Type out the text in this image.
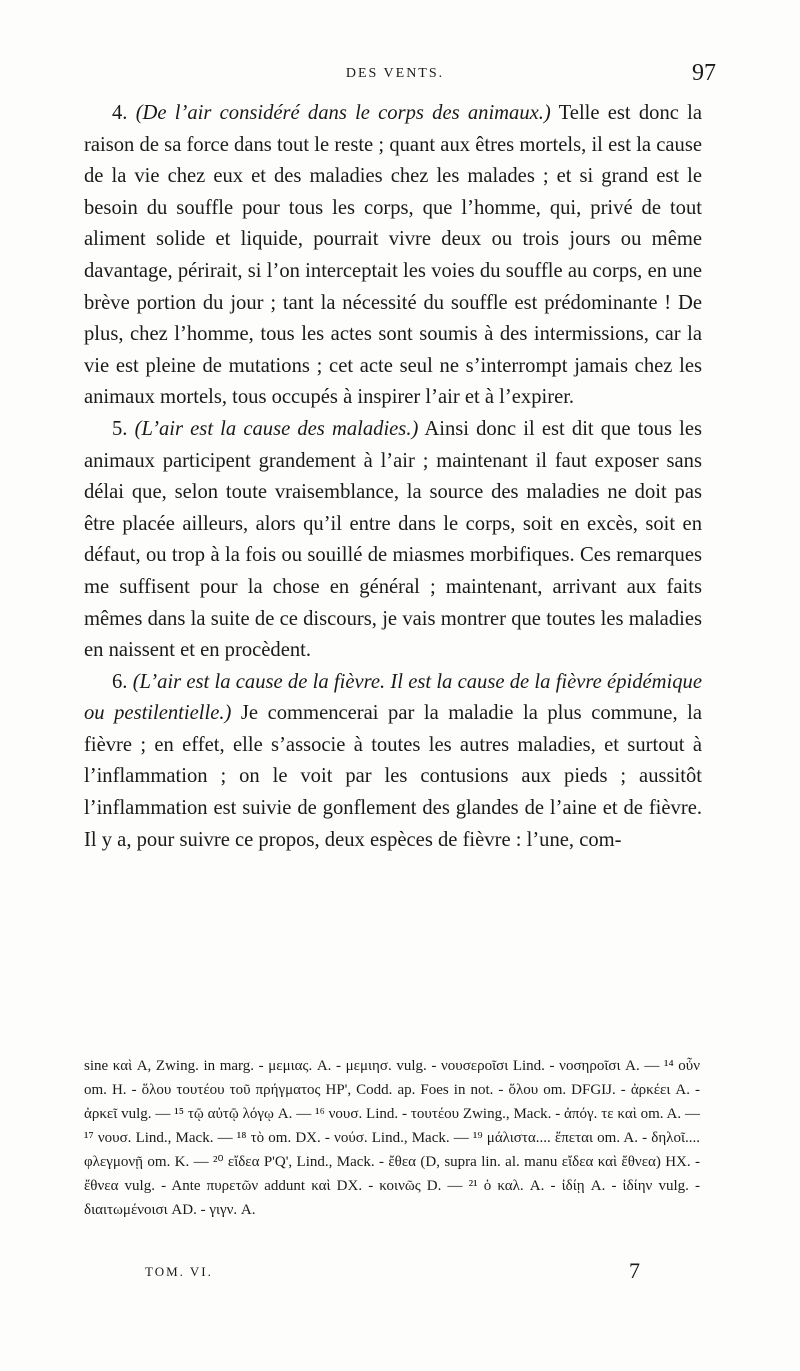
DES VENTS.	97

4. (De l’air considéré dans le corps des animaux.) Telle est donc la raison de sa force dans tout le reste ; quant aux êtres mortels, il est la cause de la vie chez eux et des maladies chez les malades ; et si grand est le besoin du souffle pour tous les corps, que l’homme, qui, privé de tout aliment solide et liquide, pourrait vivre deux ou trois jours ou même davantage, périrait, si l’on interceptait les voies du souffle au corps, en une brève portion du jour ; tant la nécessité du souffle est prédominante ! De plus, chez l’homme, tous les actes sont soumis à des intermissions, car la vie est pleine de mutations ; cet acte seul ne s’interrompt jamais chez les animaux mortels, tous occupés à inspirer l’air et à l’expirer.

5. (L’air est la cause des maladies.) Ainsi donc il est dit que tous les animaux participent grandement à l’air ; maintenant il faut exposer sans délai que, selon toute vraisemblance, la source des maladies ne doit pas être placée ailleurs, alors qu’il entre dans le corps, soit en excès, soit en défaut, ou trop à la fois ou souillé de miasmes morbifiques. Ces remarques me suffisent pour la chose en général ; maintenant, arrivant aux faits mêmes dans la suite de ce discours, je vais montrer que toutes les maladies en naissent et en procèdent.

6. (L’air est la cause de la fièvre. Il est la cause de la fièvre épidémique ou pestilentielle.) Je commencerai par la maladie la plus commune, la fièvre ; en effet, elle s’associe à toutes les autres maladies, et surtout à l’inflammation ; on le voit par les contusions aux pieds ; aussitôt l’inflammation est suivie de gonflement des glandes de l’aine et de fièvre. Il y a, pour suivre ce propos, deux espèces de fièvre : l’une, com-

sine καὶ A, Zwing. in marg. - μεμιας. A. - μεμιησ. vulg. - νουσεροῖσι Lind. - νοσηροῖσι A. — ¹⁴ οὖν om. H. - ὅλου τουτέου τοῦ πρήγματος HP', Codd. ap. Foes in not. - ὅλου om. DFGIJ. - ἀρκέει A. - ἀρκεῖ vulg. — ¹⁵ τῷ αὐτῷ λόγῳ A. — ¹⁶ νουσ. Lind. - τουτέου Zwing., Mack. - ἀπόγ. τε καὶ om. A. — ¹⁷ νουσ. Lind., Mack. — ¹⁸ τὸ om. DX. - νούσ. Lind., Mack. — ¹⁹ μάλιστα.... ἕπεται om. A. - δηλοῖ.... φλεγμονῇ om. K. — ²⁰ εἴδεα P'Q', Lind., Mack. - ἔθεα (D, supra lin. al. manu εἴδεα καὶ ἔθνεα) HX. - ἔθνεα vulg. - Ante πυρετῶν addunt καὶ DX. - κοινῶς D. — ²¹ ὁ καλ. A. - ἰδίῃ A. - ἰδίην vulg. - διαιτωμένοισι AD. - γιγν. A.

TOM. VI.	7
